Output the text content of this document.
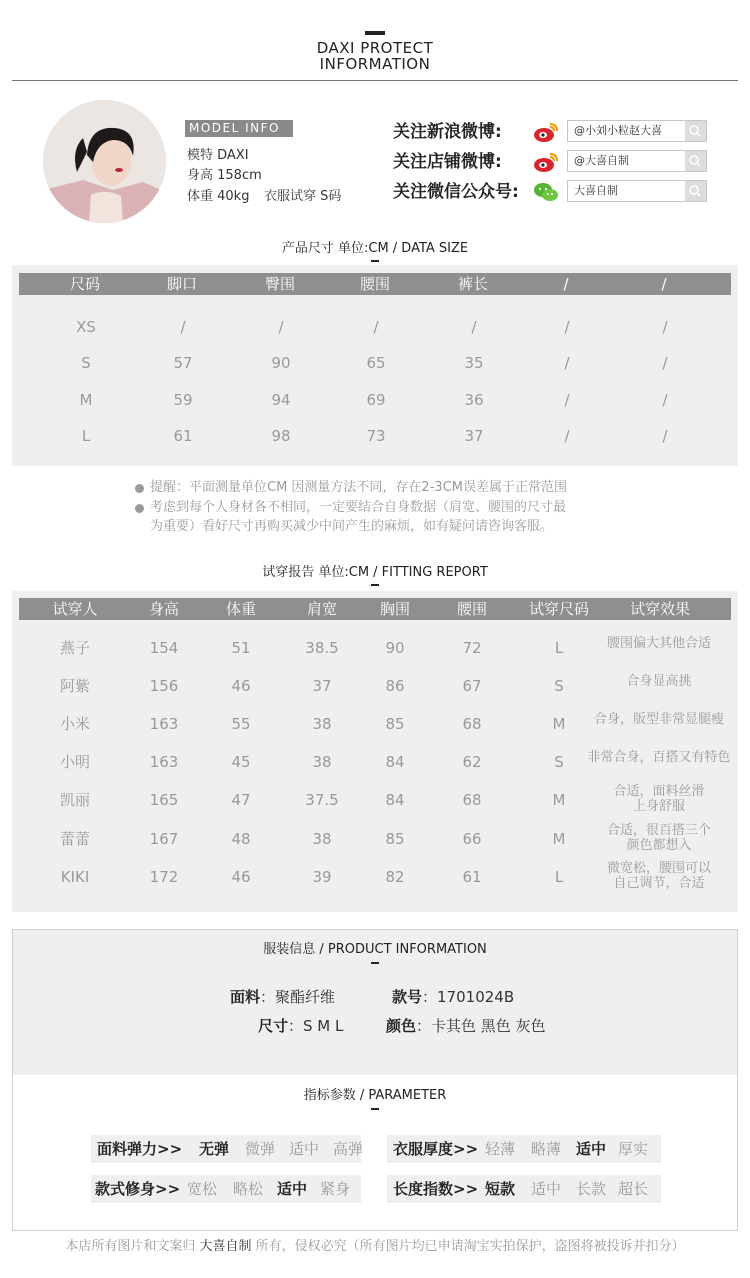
DAXI PROTECT
INFORMATION
MODEL INFO
模特 DAXI
身高 158cm
体重 40kg 衣服试穿 S码
关注新浪微博:
关注店铺微博:
关注微信公众号:
@小刘小粒赵大喜
@大喜自制
大喜自制
产品尺寸 单位:CM / DATA SIZE
尺码	脚口	臀围	腰围	裤长	/	/
XS	/	/	/	/	/	/
S	57	90	65	35	/	/
M	59	94	69	36	/	/
L	61	98	73	37	/	/
提醒：平面测量单位CM 因测量方法不同，存在2-3CM误差属于正常范围
考虑到每个人身材各不相同，一定要结合自身数据（肩宽、腰围的尺寸最
为重要）看好尺寸再购买减少中间产生的麻烦，如有疑问请咨询客服。
试穿报告 单位:CM / FITTING REPORT
试穿人	身高	体重	肩宽	胸围	腰围	试穿尺码	试穿效果
燕子	154	51	38.5	90	72	L	腰围偏大其他合适
阿紫	156	46	37	86	67	S	合身显高挑
小米	163	55	38	85	68	M	合身，版型非常显腿瘦
小明	163	45	38	84	62	S	非常合身，百搭又有特色
凯丽	165	47	37.5	84	68	M	合适，面料丝滑
上身舒服
蕾蕾	167	48	38	85	66	M	合适，很百搭三个
颜色都想入
KIKI	172	46	39	82	61	L	微宽松，腰围可以
自己调节，合适
服装信息 / PRODUCT INFORMATION
面料：聚酯纤维	款号：1701024B
尺寸：S M L	颜色：卡其色 黑色 灰色
指标参数 / PARAMETER
面料弹力>> 无弹 微弹 适中 高弹 衣服厚度>> 轻薄 略薄 适中 厚实
款式修身>> 宽松 略松 适中 紧身	长度指数>> 短款 适中 长款 超长
本店所有图片和文案归 大喜自制 所有，侵权必究（所有图片均已申请淘宝实拍保护，盗图将被投诉并扣分）
